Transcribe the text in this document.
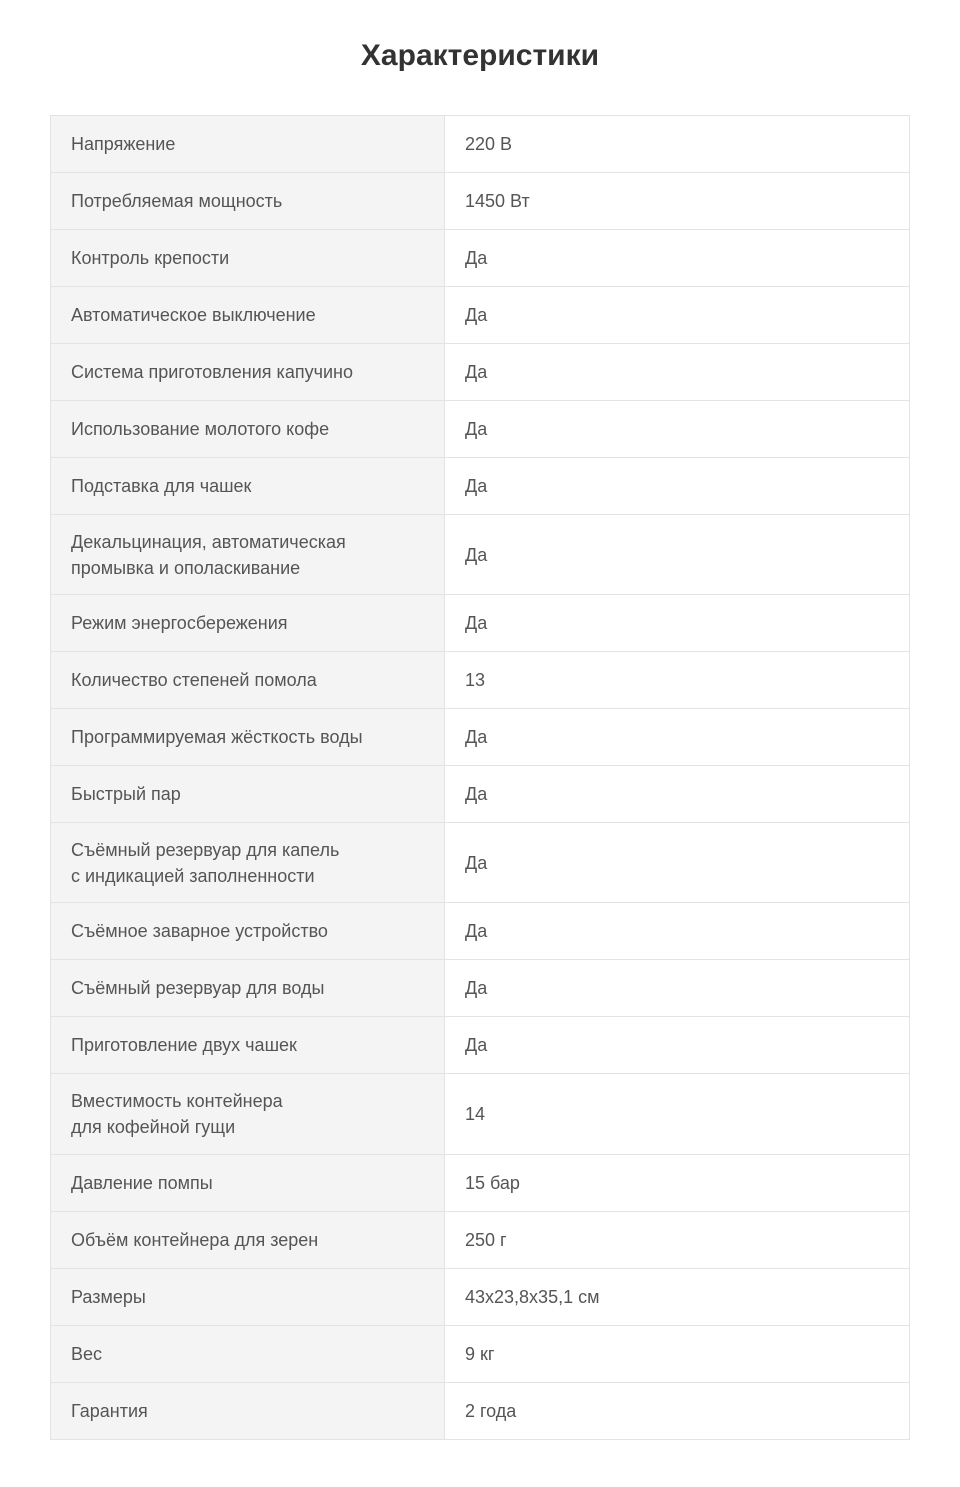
Характеристики
Напряжение	220 В
Потребляемая мощность	1450 Вт
Контроль крепости	Да
Автоматическое выключение	Да
Система приготовления капучино	Да
Использование молотого кофе	Да
Подставка для чашек	Да
Декальцинация, автоматическая
промывка и ополаскивание	Да
Режим энергосбережения	Да
Количество степеней помола	13
Программируемая жёсткость воды	Да
Быстрый пар	Да
Съёмный резервуар для капель
с индикацией заполненности	Да
Съёмное заварное устройство	Да
Съёмный резервуар для воды	Да
Приготовление двух чашек	Да
Вместимость контейнера
для кофейной гущи	14
Давление помпы	15 бар
Объём контейнера для зерен	250 г
Размеры	43x23,8x35,1 см
Вес	9 кг
Гарантия	2 года
